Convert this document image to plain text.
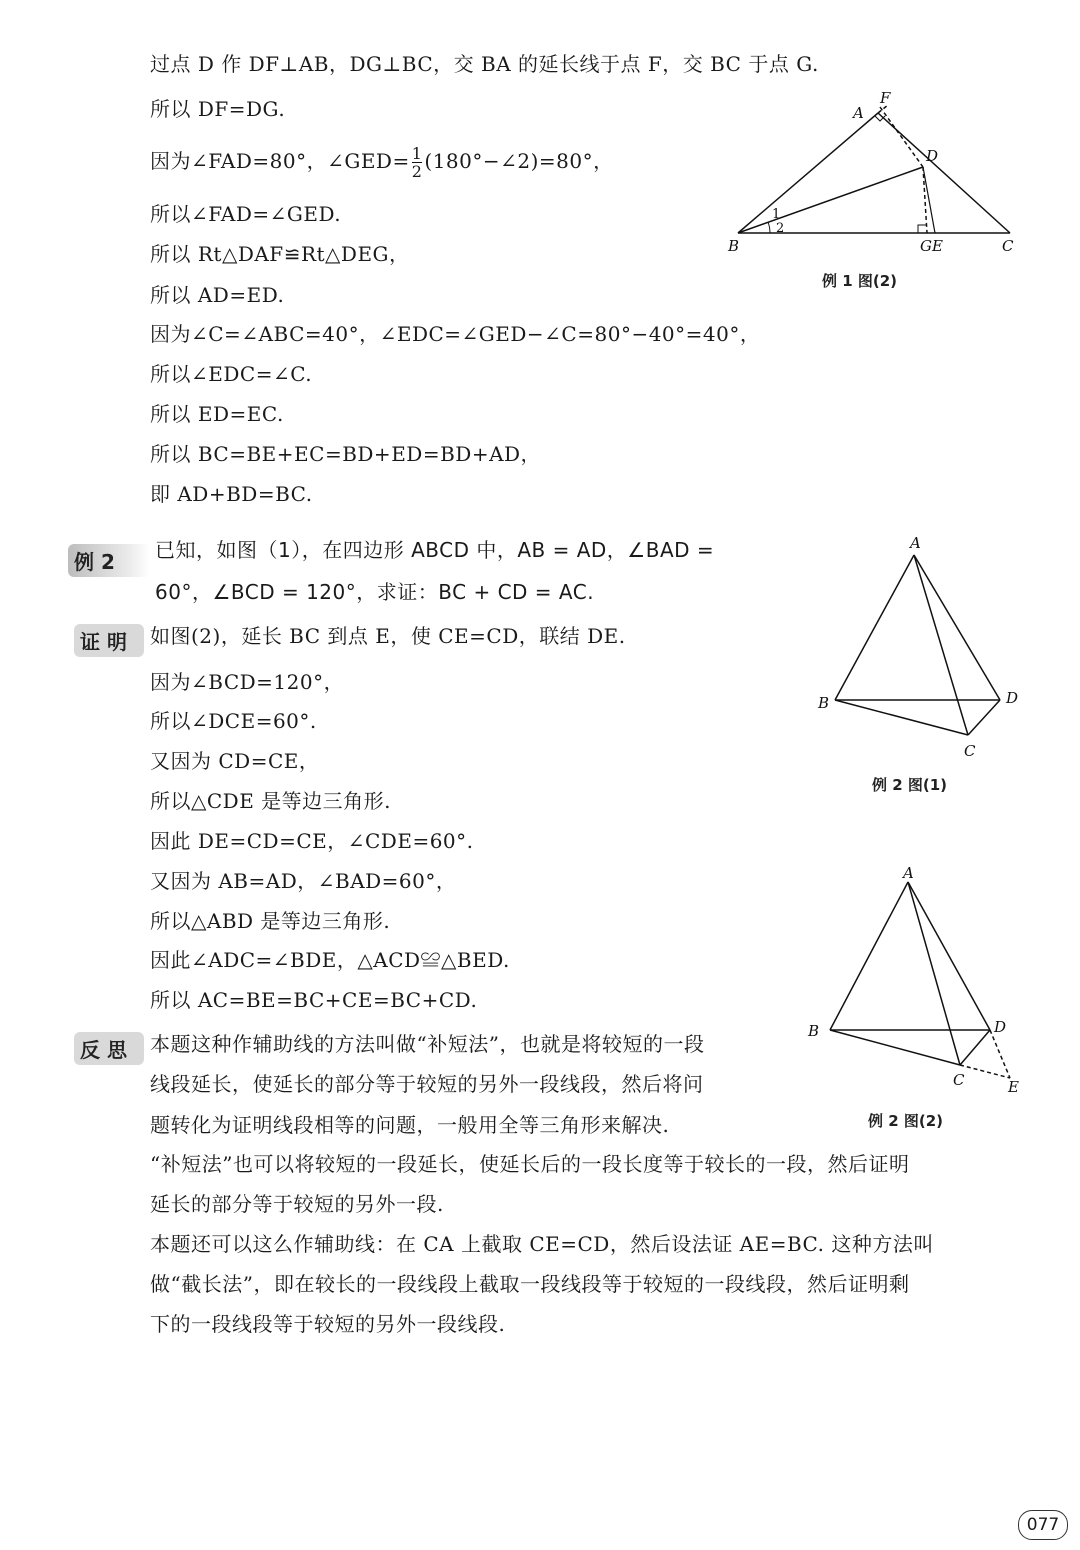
过点 D 作 DF⊥AB，DG⊥BC，交 BA 的延长线于点 F，交 BC 于点 G.
所以 DF=DG.
因为∠FAD=80°，∠GED= $\frac{1}{2}$ (180°−∠2)=80°，
所以∠FAD=∠GED.
所以 Rt△DAF≌Rt△DEG，
所以 AD=ED.
因为∠C=∠ABC=40°，∠EDC=∠GED−∠C=80°−40°=40°，
所以∠EDC=∠C.
所以 ED=EC.
所以 BC=BE+EC=BD+ED=BD+AD，
即 AD+BD=BC.
A
F
D
B	G E	C
1
2
例 1 图(2)
例 2	已知，如图（1），在四边形 ABCD 中，AB = AD，∠BAD =
60°，∠BCD = 120°，求证：BC + CD = AC.
A
B
C
D
例 2 图(1)
证 明	如图(2)，延长 BC 到点 E，使 CE=CD，联结 DE.
因为∠BCD=120°，
所以∠DCE=60°.
又因为 CD=CE，
所以△CDE 是等边三角形.
因此 DE=CD=CE，∠CDE=60°.
又因为 AB=AD，∠BAD=60°，
所以△ABD 是等边三角形.
因此∠ADC=∠BDE，△ACD≌△BED.
所以 AC=BE=BC+CE=BC+CD.
A
B
C
D
E
例 2 图(2)
反 思	本题这种作辅助线的方法叫做“补短法”，也就是将较短的一段
线段延长，使延长的部分等于较短的另外一段线段，然后将问
题转化为证明线段相等的问题，一般用全等三角形来解决.
“补短法”也可以将较短的一段延长，使延长后的一段长度等于较长的一段，然后证明
延长的部分等于较短的另外一段.
本题还可以这么作辅助线：在 CA 上截取 CE=CD，然后设法证 AE=BC. 这种方法叫
做“截长法”，即在较长的一段线段上截取一段线段等于较短的一段线段，然后证明剩
下的一段线段等于较短的另外一段线段.
077
